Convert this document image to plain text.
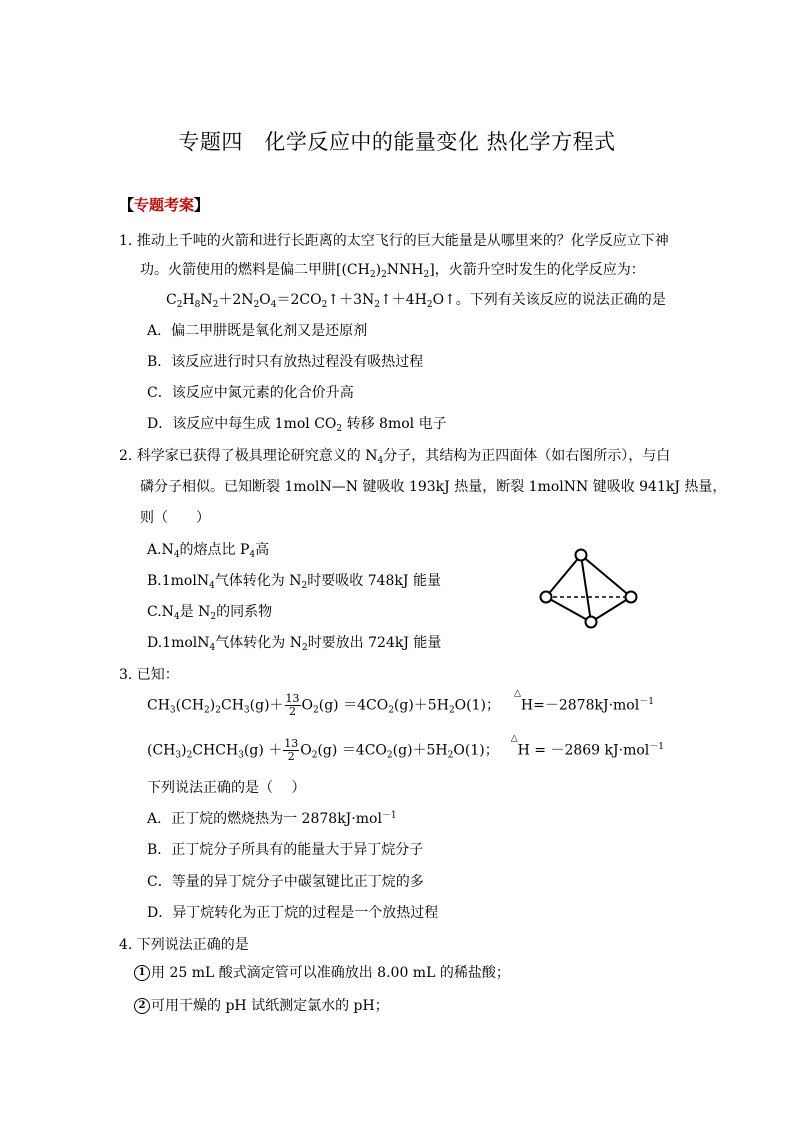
专题四　化学反应中的能量变化 热化学方程式
【专题考案】
1. 推动上千吨的火箭和进行长距离的太空飞行的巨大能量是从哪里来的？化学反应立下神
功。火箭使用的燃料是偏二甲肼$[(CH_2)_2NNH_2]$，火箭升空时发生的化学反应为：
$C_2H_8N_2+2N_2O_4=2CO_2↑+3N_2↑+4H_2O↑$。下列有关该反应的说法正确的是
A．偏二甲肼既是氧化剂又是还原剂
B．该反应进行时只有放热过程没有吸热过程
C．该反应中氮元素的化合价升高
D．该反应中每生成 1mol $CO_2$ 转移 8mol 电子
2. 科学家已获得了极具理论研究意义的 $N_4$分子，其结构为正四面体（如右图所示），与白
磷分子相似。已知断裂 1molN—N 键吸收 193kJ 热量，断裂 1molNN 键吸收 941kJ 热量，
则（　　）
$A.N_4$的熔点比 $P_4$高
B.1molN$_4$气体转化为 $N_2$时要吸收 748kJ 能量
$C.N_4$是 $N_2$的同系物
D.1molN$_4$气体转化为 $N_2$时要放出 724kJ 能量
3. 已知：
$CH_3(CH_2)_2CH_3(g)+ \frac{13}{2} O_2(g) =4CO_2(g)+5H_2O(1)$；△H=－2878kJ·mol$^{-1}$
$(CH_3)_2CHCH_3(g) + \frac{13}{2} O_2(g) =4CO_2(g)+5H_2O(1)$；△H = －2869 kJ·mol$^{-1}$
下列说法正确的是（　 ）
A．正丁烷的燃烧热为一 2878kJ·mol$^{-1}$
B．正丁烷分子所具有的能量大于异丁烷分子
C．等量的异丁烷分子中碳氢键比正丁烷的多
D．异丁烷转化为正丁烷的过程是一个放热过程
4. 下列说法正确的是
1 用 25 mL 酸式滴定管可以准确放出 8.00 mL 的稀盐酸；
2 可用干燥的 pH 试纸测定氯水的 pH；
